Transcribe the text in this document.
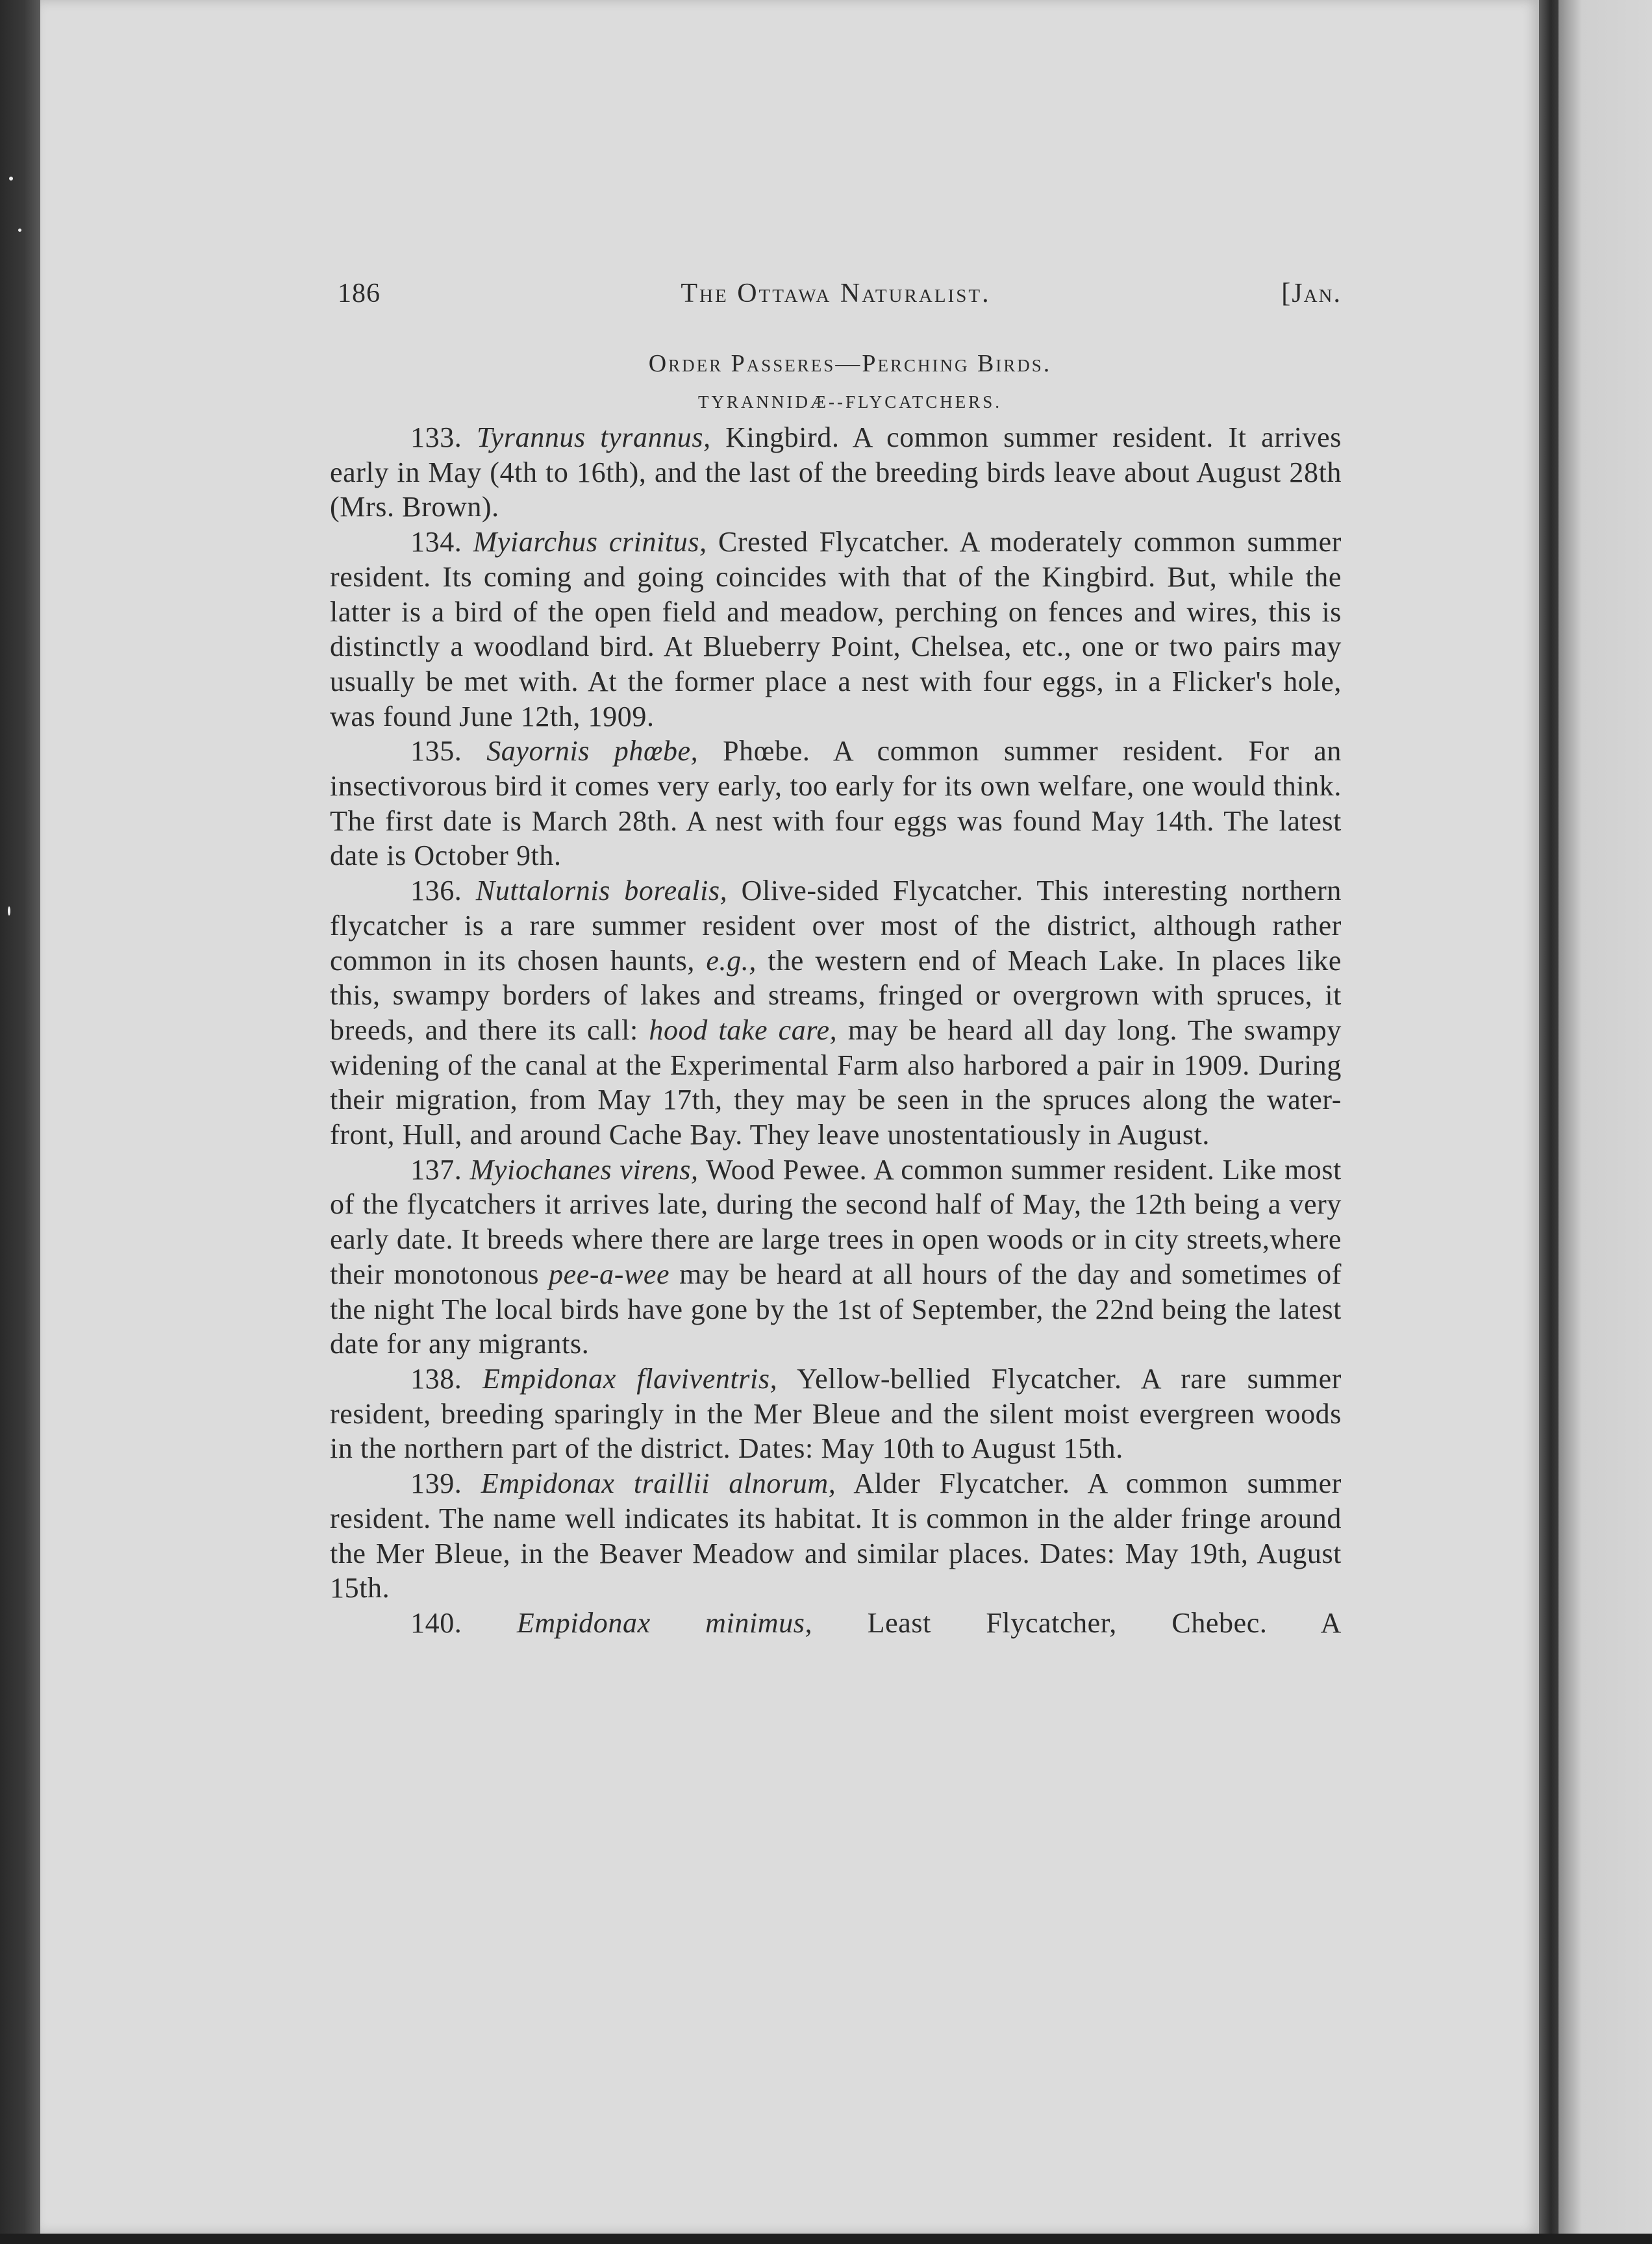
186	The Ottawa Naturalist.	[Jan.
Order Passeres—Perching Birds.
TYRANNIDÆ--FLYCATCHERS.

133. Tyrannus tyrannus, Kingbird. A common summer resident. It arrives early in May (4th to 16th), and the last of the breeding birds leave about August 28th (Mrs. Brown).

134. Myiarchus crinitus, Crested Flycatcher. A moderately common summer resident. Its coming and going coincides with that of the Kingbird. But, while the latter is a bird of the open field and meadow, perching on fences and wires, this is distinctly a woodland bird. At Blueberry Point, Chelsea, etc., one or two pairs may usually be met with. At the former place a nest with four eggs, in a Flicker's hole, was found June 12th, 1909.

135. Sayornis phœbe, Phœbe. A common summer resident. For an insectivorous bird it comes very early, too early for its own welfare, one would think. The first date is March 28th. A nest with four eggs was found May 14th. The latest date is October 9th.

136. Nuttalornis borealis, Olive-sided Flycatcher. This interesting northern flycatcher is a rare summer resident over most of the district, although rather common in its chosen haunts, e.g., the western end of Meach Lake. In places like this, swampy borders of lakes and streams, fringed or overgrown with spruces, it breeds, and there its call: hood take care, may be heard all day long. The swampy widening of the canal at the Experimental Farm also harbored a pair in 1909. During their migration, from May 17th, they may be seen in the spruces along the water-front, Hull, and around Cache Bay. They leave unostentatiously in August.

137. Myiochanes virens, Wood Pewee. A common summer resident. Like most of the flycatchers it arrives late, during the second half of May, the 12th being a very early date. It breeds where there are large trees in open woods or in city streets,where their monotonous pee-a-wee may be heard at all hours of the day and sometimes of the night The local birds have gone by the 1st of September, the 22nd being the latest date for any migrants.

138. Empidonax flaviventris, Yellow-bellied Flycatcher. A rare summer resident, breeding sparingly in the Mer Bleue and the silent moist evergreen woods in the northern part of the district. Dates: May 10th to August 15th.

139. Empidonax traillii alnorum, Alder Flycatcher. A common summer resident. The name well indicates its habitat. It is common in the alder fringe around the Mer Bleue, in the Beaver Meadow and similar places. Dates: May 19th, August 15th.

140. Empidonax minimus, Least Flycatcher, Chebec. A
